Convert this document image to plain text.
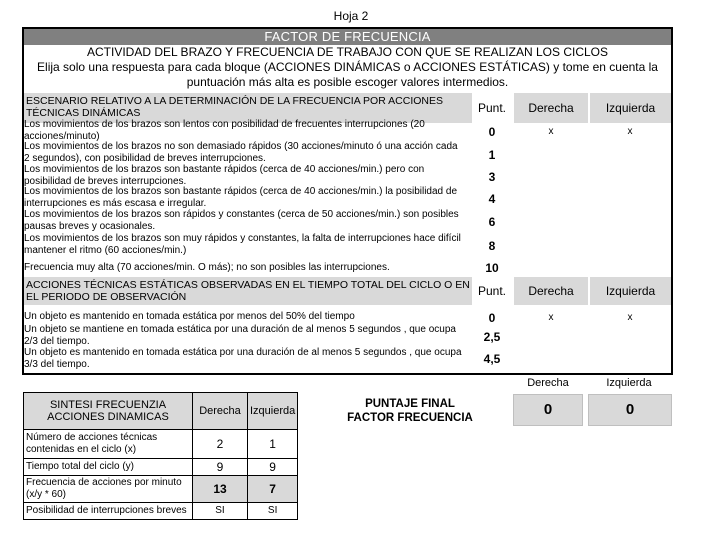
Hoja 2
FACTOR DE FRECUENCIA
ACTIVIDAD DEL BRAZO Y FRECUENCIA DE TRABAJO CON QUE SE REALIZAN LOS CICLOS
Elija solo una respuesta para cada bloque (ACCIONES DINÁMICAS o ACCIONES ESTÁTICAS) y tome en cuenta la puntuación más alta es posible escoger valores intermedios.
ESCENARIO RELATIVO A LA DETERMINACIÓN DE LA FRECUENCIA POR ACCIONES TÉCNICAS DINÁMICAS	Punt.	Derecha	Izquierda
Los movimientos de los brazos son lentos con posibilidad de frecuentes interrupciones (20 acciones/minuto)	0	x	x
Los movimientos de los brazos no son demasiado rápidos (30 acciones/minuto ó una acción cada 2 segundos), con posibilidad de breves interrupciones.	1
Los movimientos de los brazos son bastante rápidos (cerca de 40 acciones/min.) pero con posibilidad de breves interrupciones.	3
Los movimientos de los brazos son bastante rápidos (cerca de 40 acciones/min.) la posibilidad de interrupciones es más escasa e irregular.	4
Los movimientos de los brazos son rápidos y constantes (cerca de 50 acciones/min.) son posibles pausas breves y ocasionales.	6
Los movimientos de los brazos son muy rápidos y constantes, la falta de interrupciones hace difícil mantener el ritmo (60 acciones/min.)	8
Frecuencia muy alta (70 acciones/min. O más); no son posibles las interrupciones.	10
ACCIONES TÉCNICAS ESTÁTICAS OBSERVADAS EN EL TIEMPO TOTAL DEL CICLO O EN EL PERIODO DE OBSERVACIÓN	Punt.	Derecha	Izquierda
Un objeto es mantenido en tomada estática por menos del 50% del tiempo	0	x	x
Un objeto se mantiene en tomada estática por una duración de al menos 5 segundos , que ocupa 2/3 del tiempo.	2,5
Un objeto es mantenido en tomada estática por una duración de al menos 5 segundos , que ocupa 3/3 del tiempo.	4,5
SINTESI FRECUENZIA ACCIONES DINAMICAS	Derecha	Izquierda
Número de acciones técnicas contenidas en el ciclo (x)	2	1
Tiempo total del ciclo (y)	9	9
Frecuencia de acciones por minuto (x/y * 60)	13	7
Posibilidad de interrupciones breves	SI	SI
PUNTAJE FINAL
FACTOR FRECUENCIA
Derecha	Izquierda
0	0
